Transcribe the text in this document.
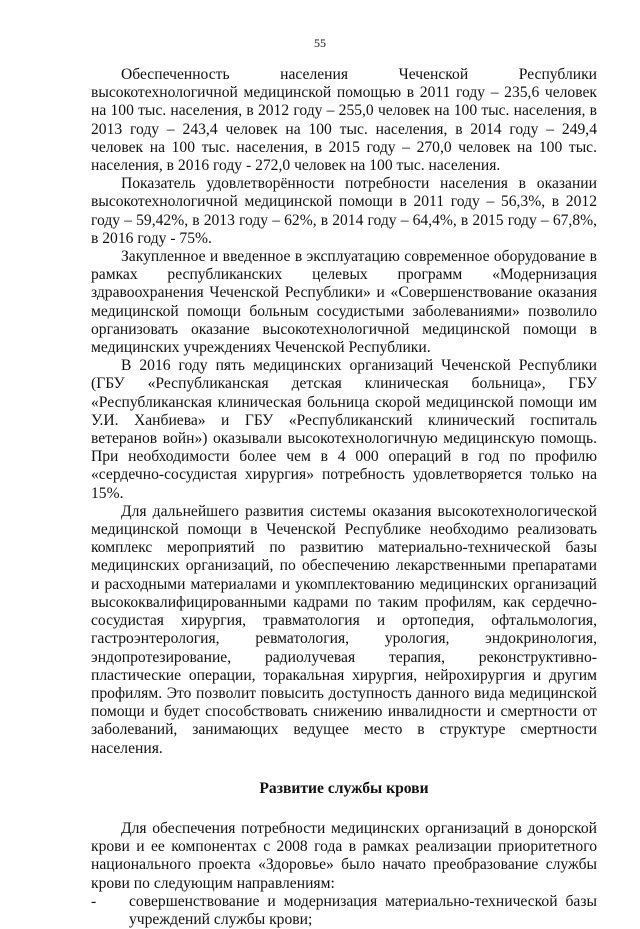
55

Обеспеченность населения Чеченской Республики высокотехнологичной медицинской помощью в 2011 году – 235,6 человек на 100 тыс. населения, в 2012 году – 255,0 человек на 100 тыс. населения, в 2013 году – 243,4 человек на 100 тыс. населения, в 2014 году – 249,4 человек на 100 тыс. населения, в 2015 году – 270,0 человек на 100 тыс. населения, в 2016 году - 272,0 человек на 100 тыс. населения.

Показатель удовлетворённости потребности населения в оказании высокотехнологичной медицинской помощи в 2011 году – 56,3%, в 2012 году – 59,42%, в 2013 году – 62%, в 2014 году – 64,4%, в 2015 году – 67,8%, в 2016 году - 75%.

Закупленное и введенное в эксплуатацию современное оборудование в рамках республиканских целевых программ «Модернизация здравоохранения Чеченской Республики» и «Совершенствование оказания медицинской помощи больным сосудистыми заболеваниями» позволило организовать оказание высокотехнологичной медицинской помощи в медицинских учреждениях Чеченской Республики.

В 2016 году пять медицинских организаций Чеченской Республики (ГБУ «Республиканская детская клиническая больница», ГБУ «Республиканская клиническая больница скорой медицинской помощи им У.И. Ханбиева» и ГБУ «Республиканский клинический госпиталь ветеранов войн») оказывали высокотехнологичную медицинскую помощь. При необходимости более чем в 4 000 операций в год по профилю «сердечно-сосудистая хирургия» потребность удовлетворяется только на 15%.

Для дальнейшего развития системы оказания высокотехнологической медицинской помощи в Чеченской Республике необходимо реализовать комплекс мероприятий по развитию материально-технической базы медицинских организаций, по обеспечению лекарственными препаратами и расходными материалами и укомплектованию медицинских организаций высококвалифицированными кадрами по таким профилям, как сердечно-сосудистая хирургия, травматология и ортопедия, офтальмология, гастроэнтерология, ревматология, урология, эндокринология, эндопротезирование, радиолучевая терапия, реконструктивно-пластические операции, торакальная хирургия, нейрохирургия и другим профилям. Это позволит повысить доступность данного вида медицинской помощи и будет способствовать снижению инвалидности и смертности от заболеваний, занимающих ведущее место в структуре смертности населения.

Развитие службы крови

Для обеспечения потребности медицинских организаций в донорской крови и ее компонентах с 2008 года в рамках реализации приоритетного национального проекта «Здоровье» было начато преобразование службы крови по следующим направлениям:

-	совершенствование и модернизация материально-технической базы учреждений службы крови;
